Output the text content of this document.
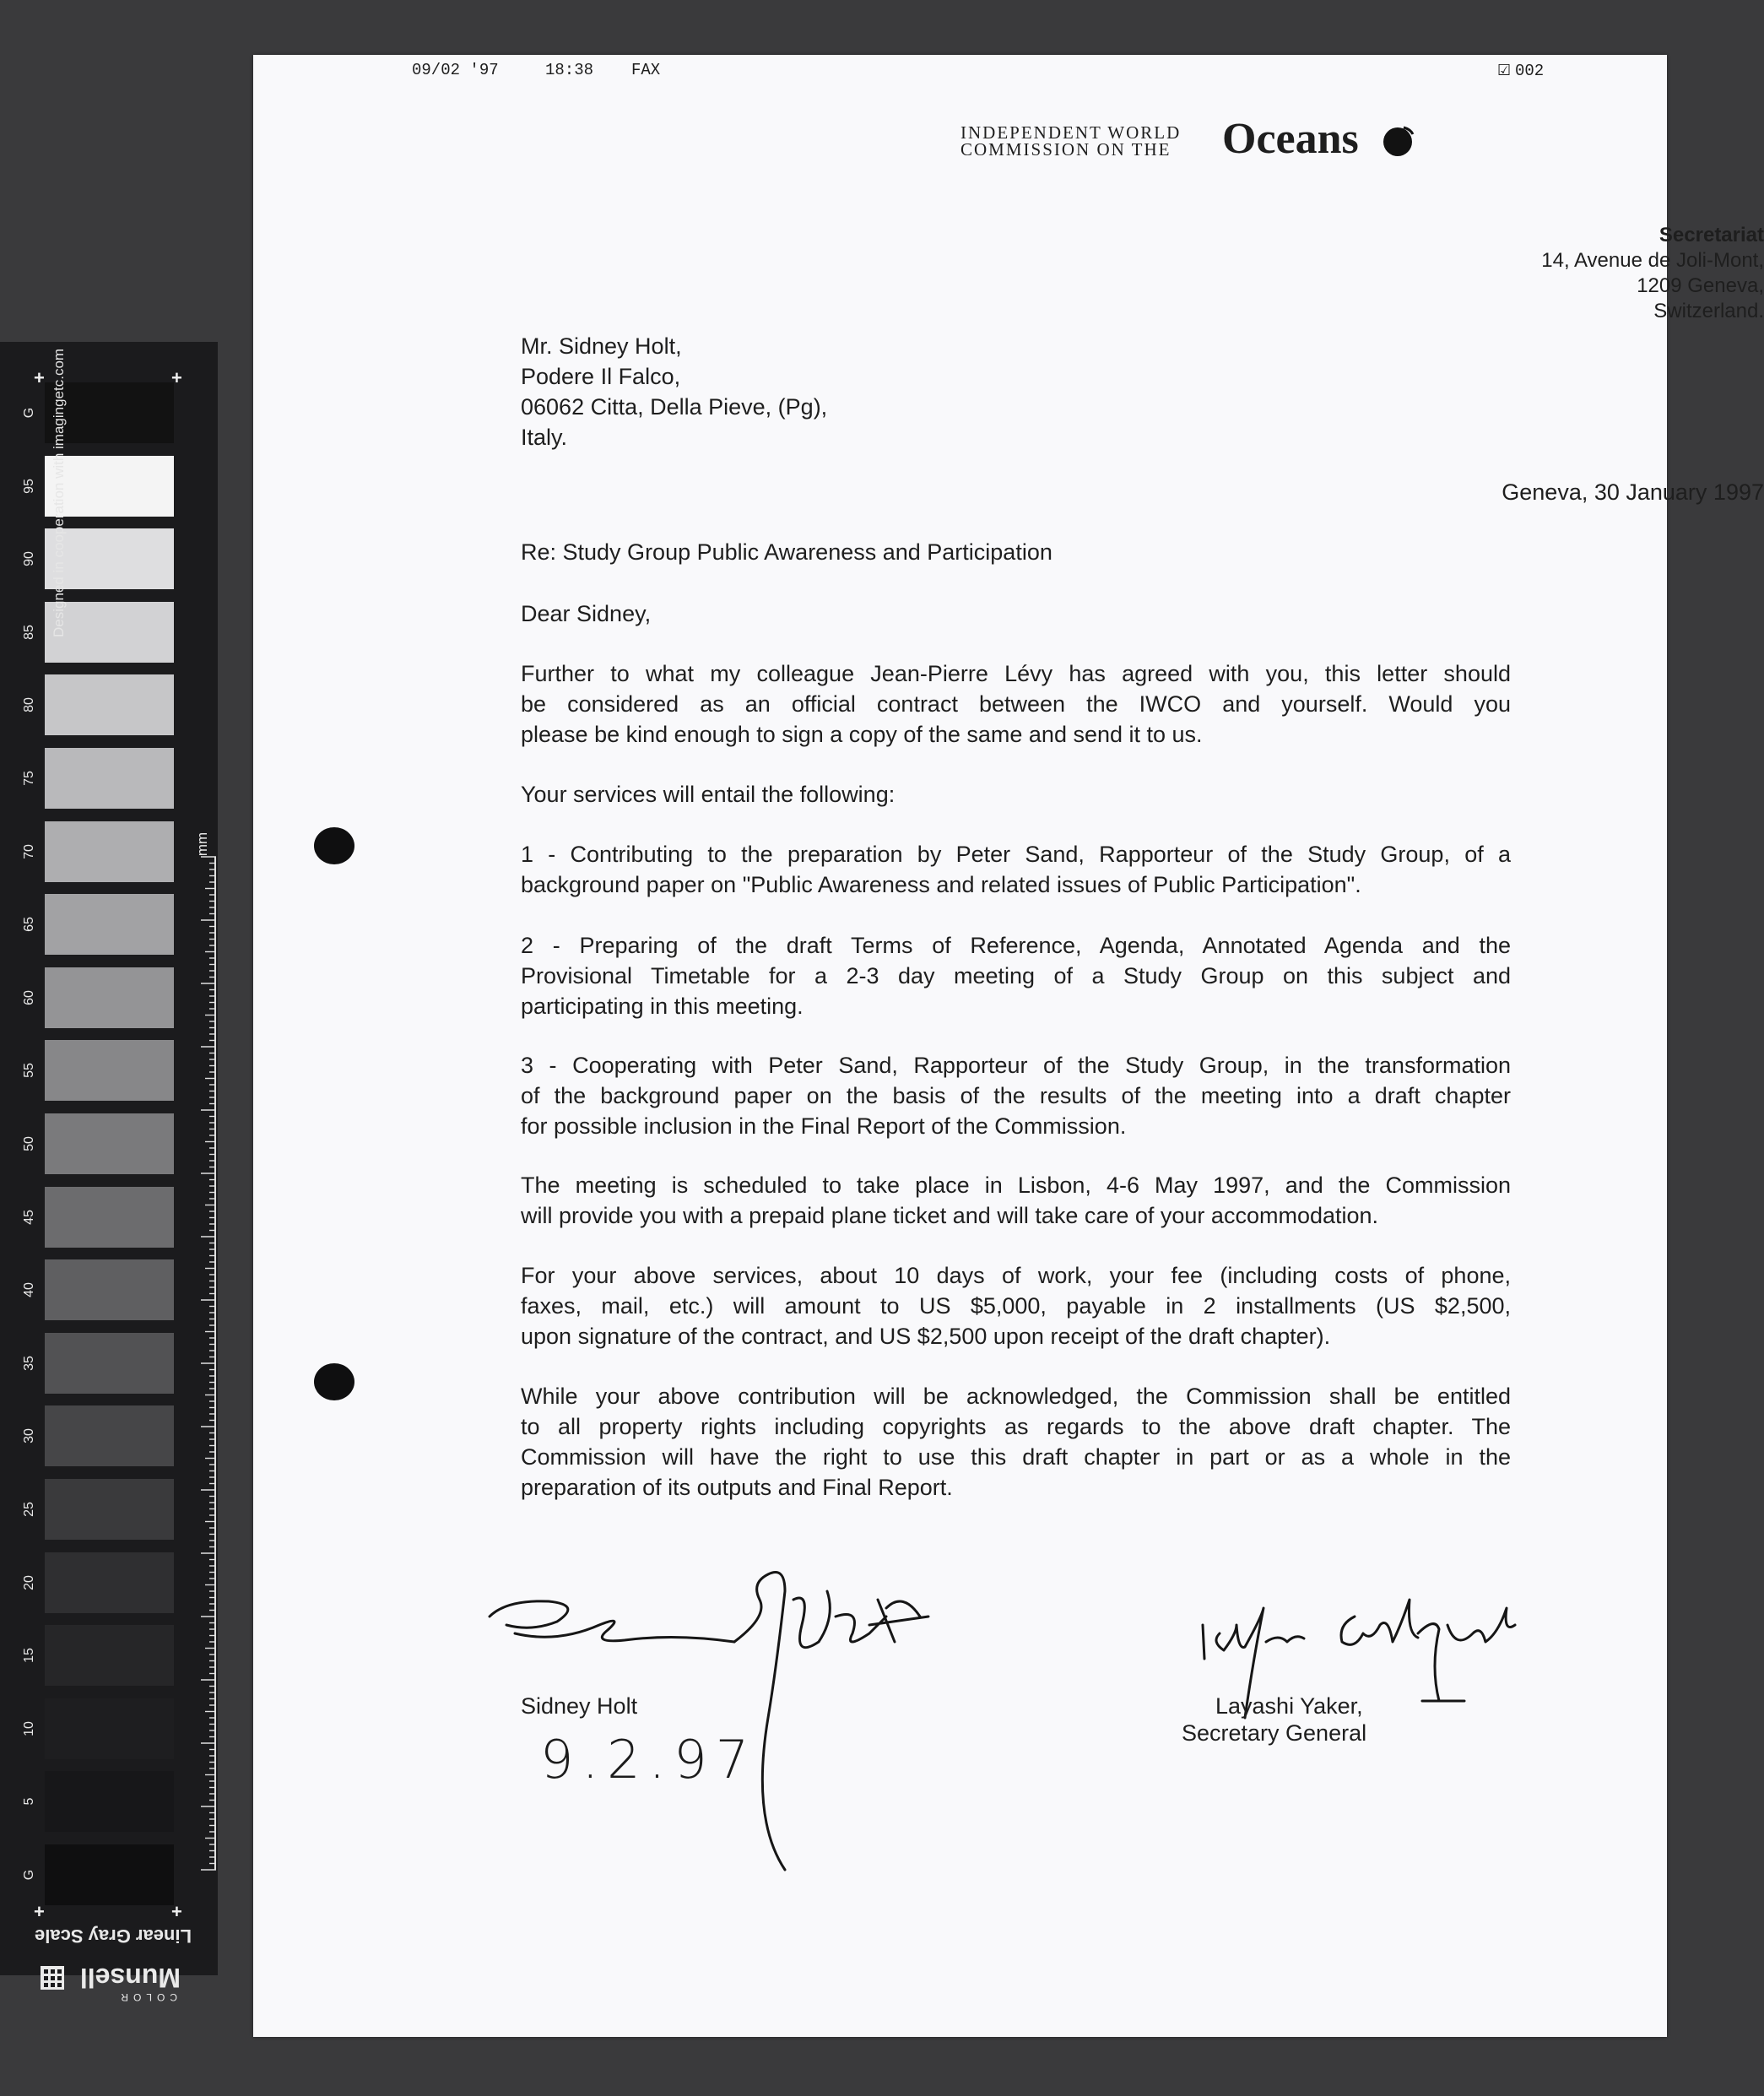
G
95
90
85
80
75
70
65
60
55
50
45
40
35
30
25
20
15
10
5
G
+	+
+	+
Designed in cooperation with imagingetc.com
mm
Linear Gray Scale
COLOR
Munsell
09/02 '97	18:38 FAX	☑ 002
INDEPENDENT WORLD
COMMISSION ON THE Oceans
Secretariat
14, Avenue de Joli-Mont,
1209 Geneva,
Switzerland.
Mr. Sidney Holt,
Podere Il Falco,
06062 Citta, Della Pieve, (Pg),
Italy.
Geneva, 30 January 1997
Re: Study Group Public Awareness and Participation
Dear Sidney,
Further to what my colleague Jean-Pierre Lévy has agreed with you, this letter should
be considered as an official contract between the IWCO and yourself. Would you
please be kind enough to sign a copy of the same and send it to us.
Your services will entail the following:
1 - Contributing to the preparation by Peter Sand, Rapporteur of the Study Group, of a
background paper on "Public Awareness and related issues of Public Participation".
2 - Preparing of the draft Terms of Reference, Agenda, Annotated Agenda and the
Provisional Timetable for a 2-3 day meeting of a Study Group on this subject and
participating in this meeting.
3 - Cooperating with Peter Sand, Rapporteur of the Study Group, in the transformation
of the background paper on the basis of the results of the meeting into a draft chapter
for possible inclusion in the Final Report of the Commission.
The meeting is scheduled to take place in Lisbon, 4-6 May 1997, and the Commission
will provide you with a prepaid plane ticket and will take care of your accommodation.
For your above services, about 10 days of work, your fee (including costs of phone,
faxes, mail, etc.) will amount to US $5,000, payable in 2 installments (US $2,500,
upon signature of the contract, and US $2,500 upon receipt of the draft chapter).
While your above contribution will be acknowledged, the Commission shall be entitled
to all property rights including copyrights as regards to the above draft chapter. The
Commission will have the right to use this draft chapter in part or as a whole in the
preparation of its outputs and Final Report.
Sidney Holt
9.2.97
Layashi Yaker,
Secretary General
